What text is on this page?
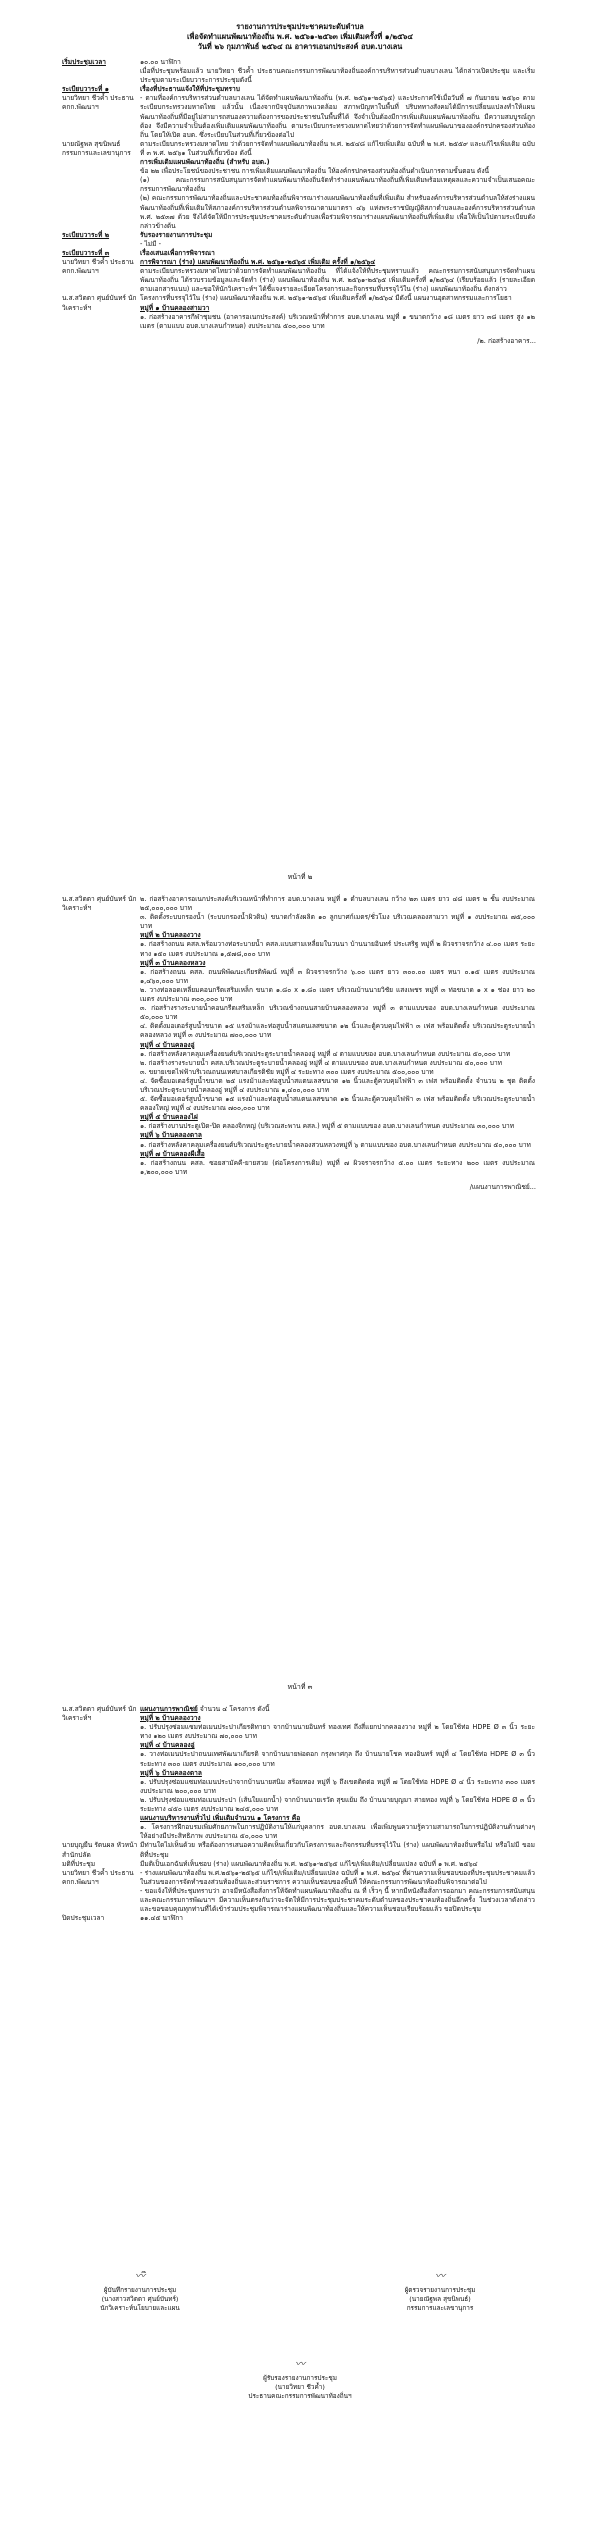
รายงานการประชุมประชาคมระดับตำบล
เพื่อจัดทำแผนพัฒนาท้องถิ่น พ.ศ. ๒๕๖๑-๒๕๖๓ เพิ่มเติมครั้งที่ ๑/๒๕๖๔
วันที่ ๒๖ กุมภาพันธ์ ๒๕๖๔ ณ อาคารเอนกประสงค์ อบต.บางเลน
เริ่มประชุมเวลา	๑๐.๐๐ นาฬิกา
เมื่อที่ประชุมพร้อมแล้ว นายวิทยา ชีวค้ำ ประธานคณะกรรมการพัฒนาท้องถิ่นองค์การบริหารส่วนตำบลบางเลน ได้กล่าวเปิดประชุม และเริ่มประชุมตามระเบียบวาระการประชุมดังนี้
ระเบียบวาระที่ ๑	เรื่องที่ประธานแจ้งให้ที่ประชุมทราบ
นายวิทยา ชีวค้ำ ประธาน คกก.พัฒนาฯ
- ตามที่องค์การบริหารส่วนตำบลบางเลน ได้จัดทำแผนพัฒนาท้องถิ่น (พ.ศ. ๒๕๖๑-๒๕๖๕) และประกาศใช้เมื่อวันที่ ๗ กันยายน ๒๕๖๐ ตามระเบียบกระทรวงมหาดไทย แล้วนั้น เนื่องจากปัจจุบันสภาพแวดล้อม สภาพปัญหาในพื้นที่ ปริบททางสังคมได้มีการเปลี่ยนแปลงทำให้แผนพัฒนาท้องถิ่นที่มีอยู่ไม่สามารถสนองความต้องการของประชาชนในพื้นที่ได้ จึงจำเป็นต้องมีการเพิ่มเติมแผนพัฒนาท้องถิ่น มีความสมบูรณ์ถูกต้อง จึงมีความจำเป็นต้องเพิ่มเติมแผนพัฒนาท้องถิ่น ตามระเบียบกระทรวงมหาดไทยว่าด้วยการจัดทำแผนพัฒนาขององค์กรปกครองส่วนท้องถิ่น โดยให้เปิด อบต. ซึ่งระเบียบในส่วนที่เกี่ยวข้องต่อไป
นายณัฐพล สุขนิพนธ์ กรรมการและเลขานุการ
ตามระเบียบกระทรวงมหาดไทย ว่าด้วยการจัดทำแผนพัฒนาท้องถิ่น พ.ศ. ๒๕๔๘ แก้ไขเพิ่มเติม ฉบับที่ ๒ พ.ศ. ๒๕๕๙ และแก้ไขเพิ่มเติม ฉบับที่ ๓ พ.ศ. ๒๕๖๑ ในส่วนที่เกี่ยวข้อง ดังนี้
การเพิ่มเติมแผนพัฒนาท้องถิ่น (สำหรับ อบต.)
ข้อ ๒๒ เพื่อประโยชน์ของประชาชน การเพิ่มเติมแผนพัฒนาท้องถิ่น ให้องค์กรปกครองส่วนท้องถิ่นดำเนินการตามขั้นตอน ดังนี้
(๑) คณะกรรมการสนับสนุนการจัดทำแผนพัฒนาท้องถิ่นจัดทำร่างแผนพัฒนาท้องถิ่นที่เพิ่มเติมพร้อมเหตุผลและความจำเป็นเสนอคณะกรรมการพัฒนาท้องถิ่น
(๒) คณะกรรมการพัฒนาท้องถิ่นและประชาคมท้องถิ่นพิจารณาร่างแผนพัฒนาท้องถิ่นที่เพิ่มเติม สำหรับองค์การบริหารส่วนตำบลให้ส่งร่างแผนพัฒนาท้องถิ่นที่เพิ่มเติมให้สภาองค์การบริหารส่วนตำบลพิจารณาตามมาตรา ๔๖ แห่งพระราชบัญญัติสภาตำบลและองค์การบริหารส่วนตำบล พ.ศ. ๒๕๓๗ ด้วย จึงได้จัดให้มีการประชุมประชาคมระดับตำบลเพื่อร่วมพิจารณาร่างแผนพัฒนาท้องถิ่นที่เพิ่มเติม เพื่อให้เป็นไปตามระเบียบดังกล่าวข้างต้น
ระเบียบวาระที่ ๒	รับรองรายงานการประชุม
- ไม่มี -
ระเบียบวาระที่ ๓	เรื่องเสนอเพื่อการพิจารณา
นายวิทยา ชีวค้ำ ประธาน คกก.พัฒนาฯ
การพิจารณา (ร่าง) แผนพัฒนาท้องถิ่น พ.ศ. ๒๕๖๑-๒๕๖๕ เพิ่มเติม ครั้งที่ ๑/๒๕๖๔
ตามระเบียบกระทรวงมหาดไทยว่าด้วยการจัดทำแผนพัฒนาท้องถิ่น ที่ได้แจ้งให้ที่ประชุมทราบแล้ว คณะกรรมการสนับสนุนการจัดทำแผนพัฒนาท้องถิ่น ได้รวบรวมข้อมูลและจัดทำ (ร่าง) แผนพัฒนาท้องถิ่น พ.ศ. ๒๕๖๑-๒๕๖๕ เพิ่มเติมครั้งที่ ๑/๒๕๖๔ (เรียบร้อยแล้ว (รายละเอียดตามเอกสารแนบ) และขอให้นักวิเคราะห์ฯ ได้ชี้แจงรายละเอียดโครงการและกิจกรรมที่บรรจุไว้ใน (ร่าง) แผนพัฒนาท้องถิ่น ดังกล่าว
น.ส.สวิตตา ศุนย์บันทร์ นักวิเคราะห์ฯ
โครงการที่บรรจุไว้ใน (ร่าง) แผนพัฒนาท้องถิ่น พ.ศ. ๒๕๖๑-๒๕๖๕ เพิ่มเติมครั้งที่ ๑/๒๕๖๔ มีดังนี้ แผนงานอุตสาหกรรมและการโยธา
หมู่ที่ ๑ บ้านคลองสามวา
๑. ก่อสร้างอาคารกีฬาชุมชน (อาคารอเนกประสงค์) บริเวณหน้าที่ทำการ อบต.บางเลน หมู่ที่ ๑ ขนาดกว้าง ๑๘ เมตร ยาว ๓๘ เมตร สูง ๑๒ เมตร (ตามแบบ อบต.บางเลนกำหนด) งบประมาณ ๕๐๐,๐๐๐ บาท
/๒. ก่อสร้างอาคาร...
หน้าที่ ๒
น.ส.สวิตตา ศุนย์บันทร์ นักวิเคราะห์ฯ
๒. ก่อสร้างอาคารอเนกประสงค์บริเวณหน้าที่ทำการ อบต.บางเลน หมู่ที่ ๑ ตำบลบางเลน กว้าง ๒๓ เมตร ยาว ๔๘ เมตร ๒ ชั้น งบประมาณ ๒๕,๐๐๐,๐๐๐ บาท
๓. ติดตั้งระบบกรองน้ำ (ระบบกรองน้ำผิวดิน) ขนาดกำลังผลิต ๑๐ ลูกบาศก์เมตร/ชั่วโมง บริเวณคลองสามวา หมู่ที่ ๑ งบประมาณ ๗๕,๐๐๐ บาท
หมู่ที่ ๒ บ้านคลองวาง
๑. ก่อสร้างถนน คสล.พร้อมวางท่อระบายน้ำ คสล.แบบสามเหลี่ยมในวนนา บ้านนายอินทร์ ประเสริฐ หมู่ที่ ๒ ผิวจราจรกว้าง ๔.๐๐ เมตร ระยะทาง ๑๕๐ เมตร งบประมาณ ๑,๕๗๘,๐๐๐ บาท
หมู่ที่ ๓ บ้านคลองหลวง
๑. ก่อสร้างถนน คสล. ถนนพิพัฒนะเกียรติพัฒน์ หมู่ที่ ๓ ผิวจราจรกว้าง ๖.๐๐ เมตร ยาว ๓๐๐.๐๐ เมตร หนา ๐.๑๕ เมตร งบประมาณ ๑,๔๖๐,๐๐๐ บาท
๒. วางท่อลอดเหลี่ยมคอนกรีตเสริมเหล็ก ขนาด ๑.๘๐ x ๑.๘๐ เมตร บริเวณบ้านนายวิชัย แสงเพชร หมู่ที่ ๓ ท่อขนาด ๑ x ๑ ช่อง ยาว ๒๐ เมตร งบประมาณ ๓๐๐,๐๐๐ บาท
๓. ก่อสร้างรางระบายน้ำคอนกรีตเสริมเหล็ก บริเวณข้างถนนสายบ้านคลองหลวง หมู่ที่ ๓ ตามแบบของ อบต.บางเลนกำหนด งบประมาณ ๕๐,๐๐๐ บาท
๔. ติดตั้งมอเตอร์สูบน้ำขนาด ๑๕ แรงม้าและท่อสูบน้ำสแตนเลสขนาด ๑๒ นิ้วและตู้ควบคุมไฟฟ้า ๓ เฟส พร้อมติดตั้ง บริเวณประตูระบายน้ำคลองหลวง หมู่ที่ ๓ งบประมาณ ๗๐๐,๐๐๐ บาท
หมู่ที่ ๔ บ้านคลองอู่
๑. ก่อสร้างหลังคาคลุมเครื่องยนต์บริเวณประตูระบายน้ำคลองอู่ หมู่ที่ ๔ ตามแบบของ อบต.บางเลนกำหนด งบประมาณ ๕๐,๐๐๐ บาท
๒. ก่อสร้างรางระบายน้ำ คสล.บริเวณประตูระบายน้ำคลองอู่ หมู่ที่ ๔ ตามแบบของ อบต.บางเลนกำหนด งบประมาณ ๕๐,๐๐๐ บาท
๓. ขยายเขตไฟฟ้าบริเวณถนนเทศบาลเกียรติชัย หมู่ที่ ๔ ระยะทาง ๓๐๐ เมตร งบประมาณ ๕๐๐,๐๐๐ บาท
๔. จัดซื้อมอเตอร์สูบน้ำขนาด ๒๕ แรงม้าและท่อสูบน้ำสแตนเลสขนาด ๑๒ นิ้วและตู้ควบคุมไฟฟ้า ๓ เฟส พร้อมติดตั้ง จำนวน ๒ ชุด ติดตั้งบริเวณประตูระบายน้ำคลองอู่ หมู่ที่ ๔ งบประมาณ ๑,๔๐๐,๐๐๐ บาท
๕. จัดซื้อมอเตอร์สูบน้ำขนาด ๑๕ แรงม้าและท่อสูบน้ำสแตนเลสขนาด ๑๒ นิ้วและตู้ควบคุมไฟฟ้า ๓ เฟส พร้อมติดตั้ง บริเวณประตูระบายน้ำคลองใหญ่ หมู่ที่ ๔ งบประมาณ ๗๐๐,๐๐๐ บาท
หมู่ที่ ๕ บ้านคลองไผ่
๑. ก่อสร้างบานประตูเปิด-ปิด คลองจิกหญ่ (บริเวณสะพาน คสล.) หมู่ที่ ๕ ตามแบบของ อบต.บางเลนกำหนด งบประมาณ ๓๐,๐๐๐ บาท
หมู่ที่ ๖ บ้านคลองตาล
๑. ก่อสร้างหลังคาคลุมเครื่องยนต์บริเวณประตูระบายน้ำคลองสวนหลวงหมู่ที่ ๖ ตามแบบของ อบต.บางเลนกำหนด งบประมาณ ๕๐,๐๐๐ บาท
หมู่ที่ ๗ บ้านคลองผีเสื้อ
๑. ก่อสร้างถนน คสล. ซอยสามัคคี-ยายสวย (ต่อโครงการเดิม) หมู่ที่ ๗ ผิวจราจรกว้าง ๕.๐๐ เมตร ระยะทาง ๒๐๐ เมตร งบประมาณ ๑,๒๐๐,๐๐๐ บาท
/แผนงานการพาณิชย์...
หน้าที่ ๓
น.ส.สวิตตา ศุนย์บันทร์ นักวิเคราะห์ฯ
แผนงานการพาณิชย์ จำนวน ๔ โครงการ ดังนี้
หมู่ที่ ๒ บ้านคลองวาง
๑. ปรับปรุงซ่อมแซมท่อเมนประปาเกียรติทายา จากบ้านนายอินทร์ ทองเทศ ถึงสี่แยกปากคลองวาง หมู่ที่ ๒ โดยใช้ท่อ HDPE Ø ๓ นิ้ว ระยะทาง ๑๒๐ เมตร งบประมาณ ๗๐,๐๐๐ บาท
หมู่ที่ ๔ บ้านคลองอู่
๑. วางท่อเมนประปาถนนเทศพัฒนาเกียรติ จากบ้านนายพ่อดอก กรุงพาศกุล ถึง บ้านนายโชค ทองอินทร์ หมู่ที่ ๔ โดยใช้ท่อ HDPE Ø ๓ นิ้ว ระยะทาง ๓๐๐ เมตร งบประมาณ ๑๐๐,๐๐๐ บาท
หมู่ที่ ๖ บ้านคลองตาล
๑. ปรับปรุงซ่อมแซมท่อเมนประปาจากบ้านนายสนิม สร้อยทอง หมู่ที่ ๖ ถึงเขตติดต่อ หมู่ที่ ๗ โดยใช้ท่อ HDPE Ø ๔ นิ้ว ระยะทาง ๓๐๐ เมตร งบประมาณ ๒๐๐,๐๐๐ บาท
๒. ปรับปรุงซ่อมแซมท่อเมนประปา (เส้นใยแยกน้ำ) จากบ้านนายเรวัต สุขแย้ม ถึง บ้านนายบุญมา สายทอง หมู่ที่ ๖ โดยใช้ท่อ HDPE Ø ๓ นิ้ว ระยะทาง ๔๕๐ เมตร งบประมาณ ๒๔๕,๐๐๐ บาท
แผนงานบริหารงานทั่วไป เพิ่มเติมจำนวน ๑ โครงการ คือ
๑. โครงการฝึกอบรมเพิ่มศักยภาพในการปฏิบัติงานให้แก่บุคลากร อบต.บางเลน เพื่อเพิ่มพูนความรู้ความสามารถในการปฏิบัติงานด้านต่างๆ ให้อย่างมีประสิทธิภาพ งบประมาณ ๕๐,๐๐๐ บาท
นายบุญยืน รัตนผล หัวหน้าสำนักปลัด
มีท่านใดไม่เห็นด้วย หรือต้องการเสนอความคิดเห็นเกี่ยวกับโครงการและกิจกรรมที่บรรจุไว้ใน (ร่าง) แผนพัฒนาท้องถิ่นหรือไม่ หรือไม่มี ขอมติที่ประชุม
มติที่ประชุม	มีมติเป็นเอกฉันท์เห็นชอบ (ร่าง) แผนพัฒนาท้องถิ่น พ.ศ. ๒๕๖๑-๒๕๖๕ แก้ไข/เพิ่มเติม/เปลี่ยนแปลง ฉบับที่ ๑ พ.ศ. ๒๕๖๔
นายวิทยา ชีวค้ำ ประธาน คกก.พัฒนาฯ
- ร่างแผนพัฒนาท้องถิ่น พ.ศ.๒๕๖๑-๒๕๖๕ แก้ไข/เพิ่มเติม/เปลี่ยนแปลง ฉบับที่ ๑ พ.ศ. ๒๕๖๔ ที่ผ่านความเห็นชอบของที่ประชุมประชาคมแล้ว ในส่วนของการจัดทำของส่วนท้องถิ่นและส่วนราชการ ความเห็นชอบของพื้นที่ ให้คณะกรรมการพัฒนาท้องถิ่นพิจารณาต่อไป
- ขอแจ้งให้ที่ประชุมทราบว่า อาจมีหนังสือสั่งการให้จัดทำแผนพัฒนาท้องถิ่น ณ ที่ เร็วๆ นี้ หากมีหนังสือสั่งการออกมา คณะกรรมการสนับสนุน และคณะกรรมการพัฒนาฯ มีความเห็นตรงกันว่าจะจัดให้มีการประชุมประชาคมระดับตำบลของประชาคมท้องถิ่นอีกครั้ง ในช่วงเวลาดังกล่าว และขอขอบคุณทุกท่านที่ได้เข้าร่วมประชุมพิจารณาร่างแผนพัฒนาท้องถิ่นและให้ความเห็นชอบเรียบร้อยแล้ว ขอปิดประชุม
ปิดประชุมเวลา	๑๑.๔๕ นาฬิกา
〰ิ
ผู้บันทึกรายงานการประชุม
(นางสาวสวิตตา ศุนย์บันทร์)
นักวิเคราะห์นโยบายและแผน
〰
ผู้ตรวจรายงานการประชุม
(นายณัฐพล สุขนิพนธ์)
กรรมการและเลขานุการ
〰
ผู้รับรองรายงานการประชุม
(นายวิทยา ชีวค้ำ)
ประธานคณะกรรมการพัฒนาท้องถิ่นฯ
